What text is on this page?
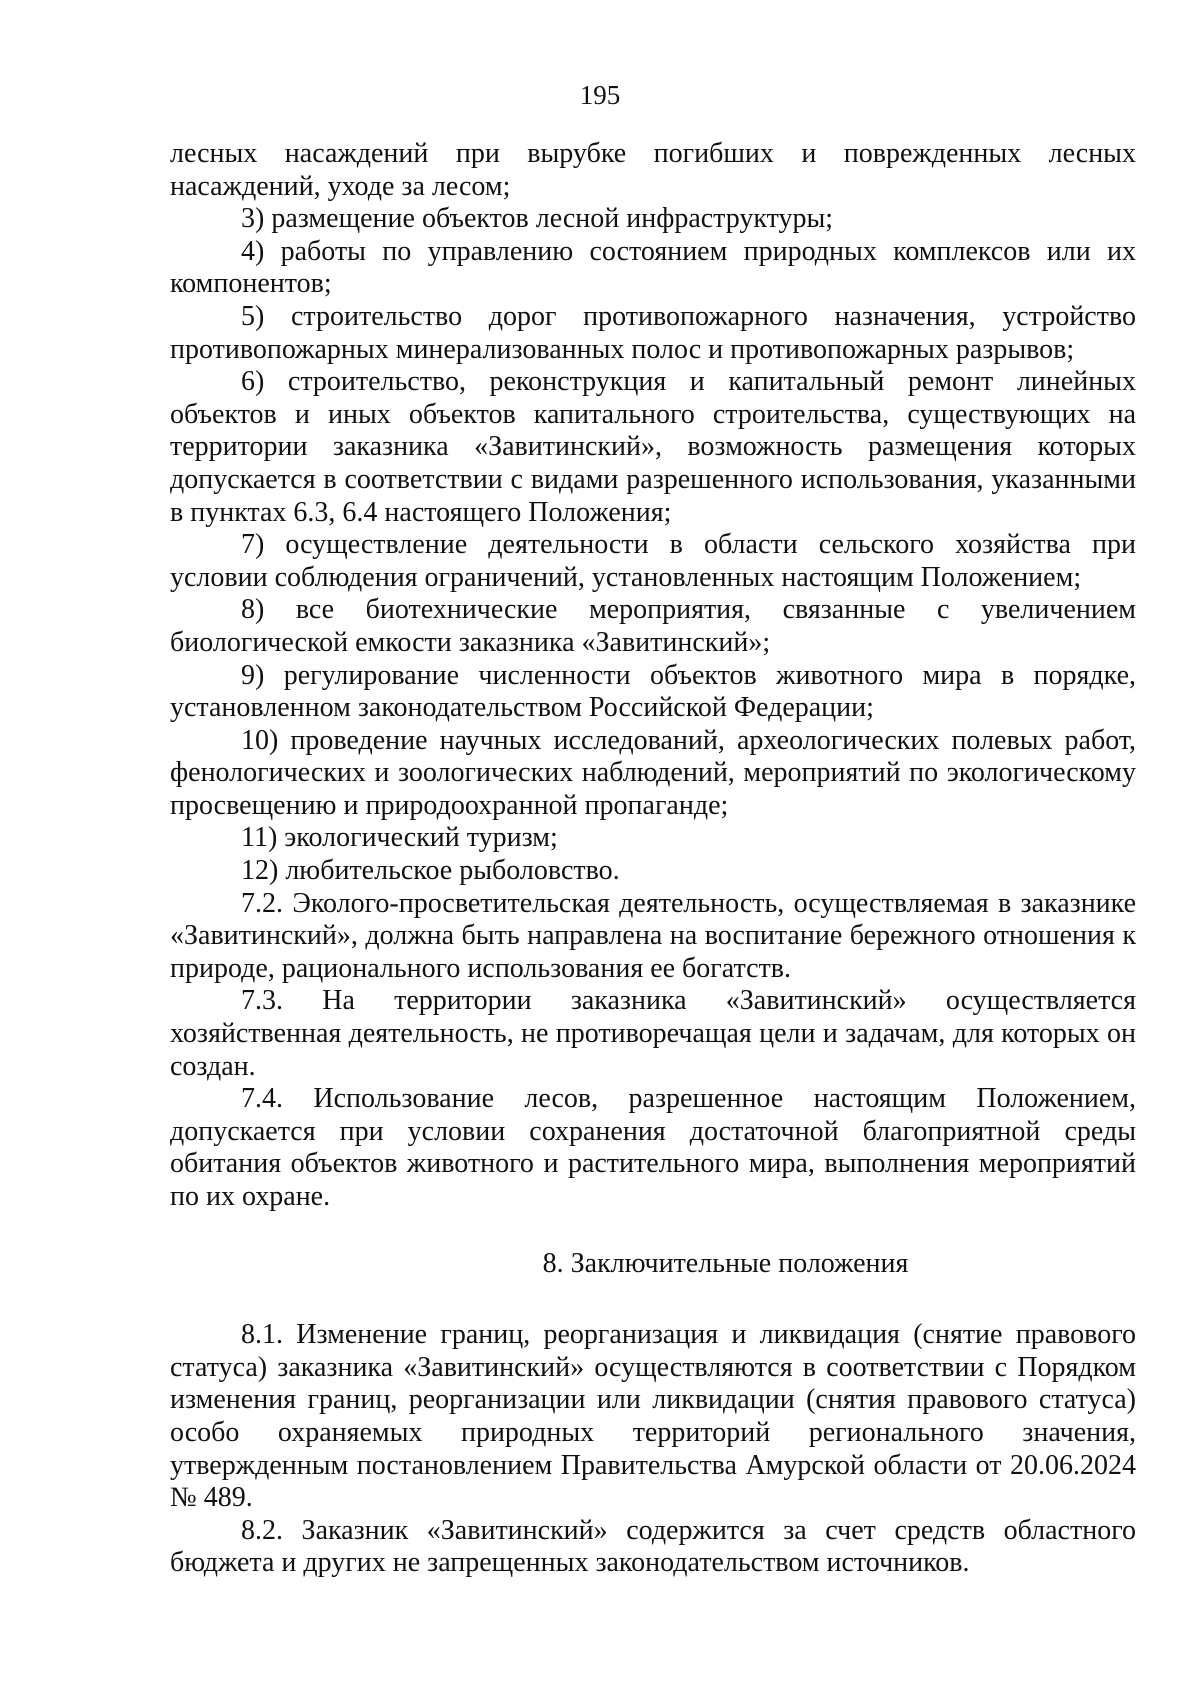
195

лесных насаждений при вырубке погибших и поврежденных лесных насаждений, уходе за лесом;

3) размещение объектов лесной инфраструктуры;

4) работы по управлению состоянием природных комплексов или их компонентов;

5) строительство дорог противопожарного назначения, устройство противопожарных минерализованных полос и противопожарных разрывов;

6) строительство, реконструкция и капитальный ремонт линейных объектов и иных объектов капитального строительства, существующих на территории заказника «Завитинский», возможность размещения которых допускается в соответствии с видами разрешенного использования, указанными в пунктах 6.3, 6.4 настоящего Положения;

7) осуществление деятельности в области сельского хозяйства при условии соблюдения ограничений, установленных настоящим Положением;

8) все биотехнические мероприятия, связанные с увеличением биологической емкости заказника «Завитинский»;

9) регулирование численности объектов животного мира в порядке, установленном законодательством Российской Федерации;

10) проведение научных исследований, археологических полевых работ, фенологических и зоологических наблюдений, мероприятий по экологическому просвещению и природоохранной пропаганде;

11) экологический туризм;

12) любительское рыболовство.

7.2. Эколого-просветительская деятельность, осуществляемая в заказнике «Завитинский», должна быть направлена на воспитание бережного отношения к природе, рационального использования ее богатств.

7.3. На территории заказника «Завитинский» осуществляется хозяйственная деятельность, не противоречащая цели и задачам, для которых он создан.

7.4. Использование лесов, разрешенное настоящим Положением, допускается при условии сохранения достаточной благоприятной среды обитания объектов животного и растительного мира, выполнения мероприятий по их охране.

8. Заключительные положения

8.1. Изменение границ, реорганизация и ликвидация (снятие правового статуса) заказника «Завитинский» осуществляются в соответствии с Порядком изменения границ, реорганизации или ликвидации (снятия правового статуса) особо охраняемых природных территорий регионального значения, утвержденным постановлением Правительства Амурской области от 20.06.2024 № 489.

8.2. Заказник «Завитинский» содержится за счет средств областного бюджета и других не запрещенных законодательством источников.
